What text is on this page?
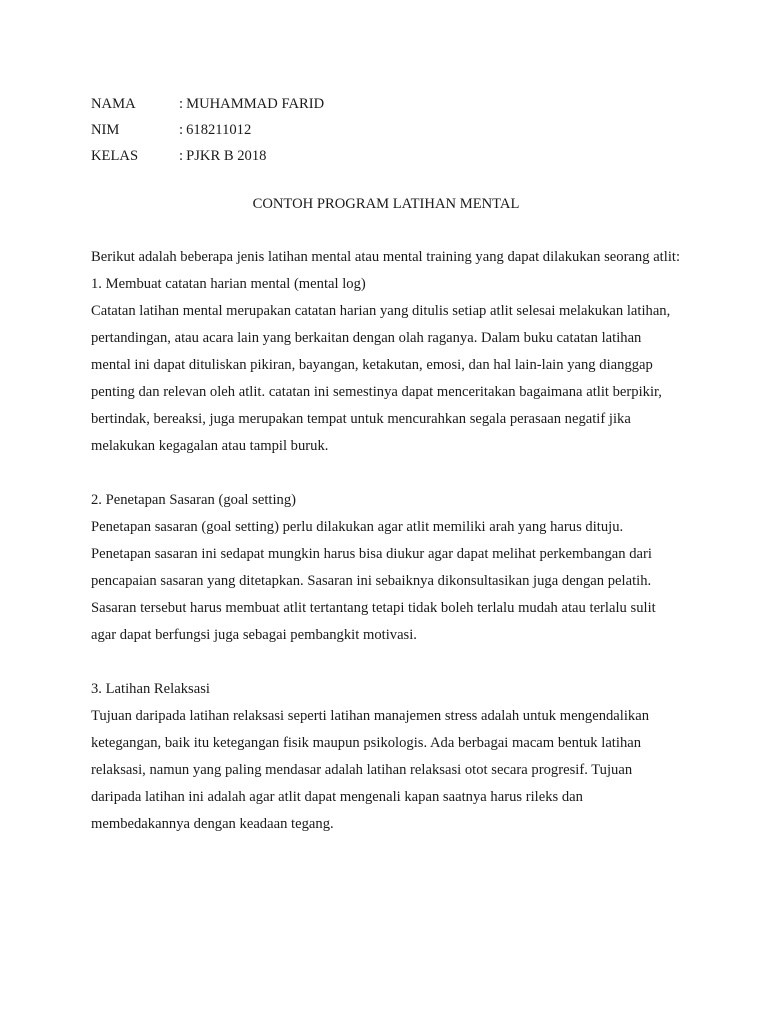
NAMA	: MUHAMMAD FARID
NIM	: 618211012
KELAS	: PJKR B 2018
CONTOH PROGRAM LATIHAN MENTAL

Berikut adalah beberapa jenis latihan mental atau mental training yang dapat dilakukan seorang atlit:

1. Membuat catatan harian mental (mental log)

Catatan latihan mental merupakan catatan harian yang ditulis setiap atlit selesai melakukan latihan, pertandingan, atau acara lain yang berkaitan dengan olah raganya. Dalam buku catatan latihan mental ini dapat dituliskan pikiran, bayangan, ketakutan, emosi, dan hal lain-lain yang dianggap penting dan relevan oleh atlit. catatan ini semestinya dapat menceritakan bagaimana atlit berpikir, bertindak, bereaksi, juga merupakan tempat untuk mencurahkan segala perasaan negatif jika melakukan kegagalan atau tampil buruk.

2. Penetapan Sasaran (goal setting)

Penetapan sasaran (goal setting) perlu dilakukan agar atlit memiliki arah yang harus dituju. Penetapan sasaran ini sedapat mungkin harus bisa diukur agar dapat melihat perkembangan dari pencapaian sasaran yang ditetapkan. Sasaran ini sebaiknya dikonsultasikan juga dengan pelatih. Sasaran tersebut harus membuat atlit tertantang tetapi tidak boleh terlalu mudah atau terlalu sulit agar dapat berfungsi juga sebagai pembangkit motivasi.

3. Latihan Relaksasi

Tujuan daripada latihan relaksasi seperti latihan manajemen stress adalah untuk mengendalikan ketegangan, baik itu ketegangan fisik maupun psikologis. Ada berbagai macam bentuk latihan relaksasi, namun yang paling mendasar adalah latihan relaksasi otot secara progresif. Tujuan daripada latihan ini adalah agar atlit dapat mengenali kapan saatnya harus rileks dan membedakannya dengan keadaan tegang.
